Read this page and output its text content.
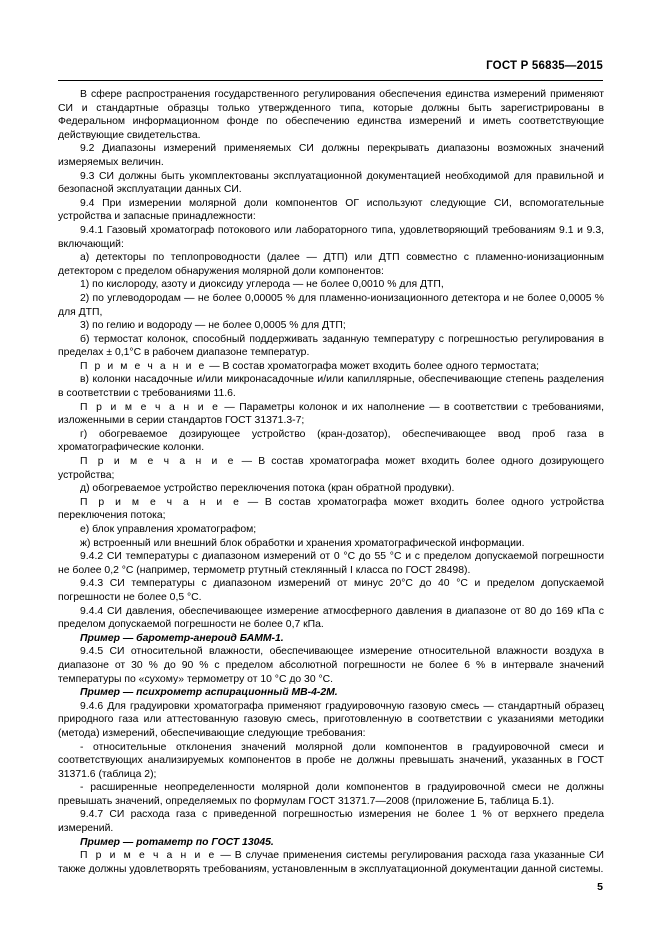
ГОСТ Р 56835—2015

В сфере распространения государственного регулирования обеспечения единства измерений применяют СИ и стандартные образцы только утвержденного типа, которые должны быть зарегистрированы в Федеральном информационном фонде по обеспечению единства измерений и иметь соответствующие действующие свидетельства.

9.2 Диапазоны измерений применяемых СИ должны перекрывать диапазоны возможных значений измеряемых величин.

9.3 СИ должны быть укомплектованы эксплуатационной документацией необходимой для правильной и безопасной эксплуатации данных СИ.

9.4 При измерении молярной доли компонентов ОГ используют следующие СИ, вспомогательные устройства и запасные принадлежности:

9.4.1 Газовый хроматограф потокового или лабораторного типа, удовлетворяющий требованиям 9.1 и 9.3, включающий:

а) детекторы по теплопроводности (далее — ДТП) или ДТП совместно с пламенно-ионизационным детектором с пределом обнаружения молярной доли компонентов:

1) по кислороду, азоту и диоксиду углерода — не более 0,0010 % для ДТП,

2) по углеводородам — не более 0,00005 % для пламенно-ионизационного детектора и не более 0,0005 % для ДТП,

3) по гелию и водороду — не более 0,0005 % для ДТП;

б) термостат колонок, способный поддерживать заданную температуру с погрешностью регулирования в пределах ± 0,1°С в рабочем диапазоне температур.

П р и м е ч а н и е — В состав хроматографа может входить более одного термостата;

в) колонки насадочные и/или микронасадочные и/или капиллярные, обеспечивающие степень разделения в соответствии с требованиями 11.6.

П р и м е ч а н и е — Параметры колонок и их наполнение — в соответствии с требованиями, изложенными в серии стандартов ГОСТ 31371.3-7;

г) обогреваемое дозирующее устройство (кран-дозатор), обеспечивающее ввод проб газа в хроматографические колонки.

П р и м е ч а н и е — В состав хроматографа может входить более одного дозирующего устройства;

д) обогреваемое устройство переключения потока (кран обратной продувки).

П р и м е ч а н и е — В состав хроматографа может входить более одного устройства переключения потока;

е) блок управления хроматографом;

ж) встроенный или внешний блок обработки и хранения хроматографической информации.

9.4.2 СИ температуры с диапазоном измерений от 0 °С до 55 °С и с пределом допускаемой погрешности не более 0,2 °С (например, термометр ртутный стеклянный I класса по ГОСТ 28498).

9.4.3 СИ температуры с диапазоном измерений от минус 20°С до 40 °С и пределом допускаемой погрешности не более 0,5 °С.

9.4.4 СИ давления, обеспечивающее измерение атмосферного давления в диапазоне от 80 до 169 кПа с пределом допускаемой погрешности не более 0,7 кПа.

Пример — барометр-анероид БАММ-1.

9.4.5 СИ относительной влажности, обеспечивающее измерение относительной влажности воздуха в диапазоне от 30 % до 90 % с пределом абсолютной погрешности не более 6 % в интервале значений температуры по «сухому» термометру от 10 °С до 30 °С.

Пример — психрометр аспирационный МВ-4-2М.

9.4.6 Для градуировки хроматографа применяют градуировочную газовую смесь — стандартный образец природного газа или аттестованную газовую смесь, приготовленную в соответствии с указаниями методики (метода) измерений, обеспечивающие следующие требования:

- относительные отклонения значений молярной доли компонентов в градуировочной смеси и соответствующих анализируемых компонентов в пробе не должны превышать значений, указанных в ГОСТ 31371.6 (таблица 2);

- расширенные неопределенности молярной доли компонентов в градуировочной смеси не должны превышать значений, определяемых по формулам ГОСТ 31371.7—2008 (приложение Б, таблица Б.1).

9.4.7 СИ расхода газа с приведенной погрешностью измерения не более 1 % от верхнего предела измерений.

Пример — ротаметр по ГОСТ 13045.

П р и м е ч а н и е — В случае применения системы регулирования расхода газа указанные СИ также должны удовлетворять требованиям, установленным в эксплуатационной документации данной системы.

5
